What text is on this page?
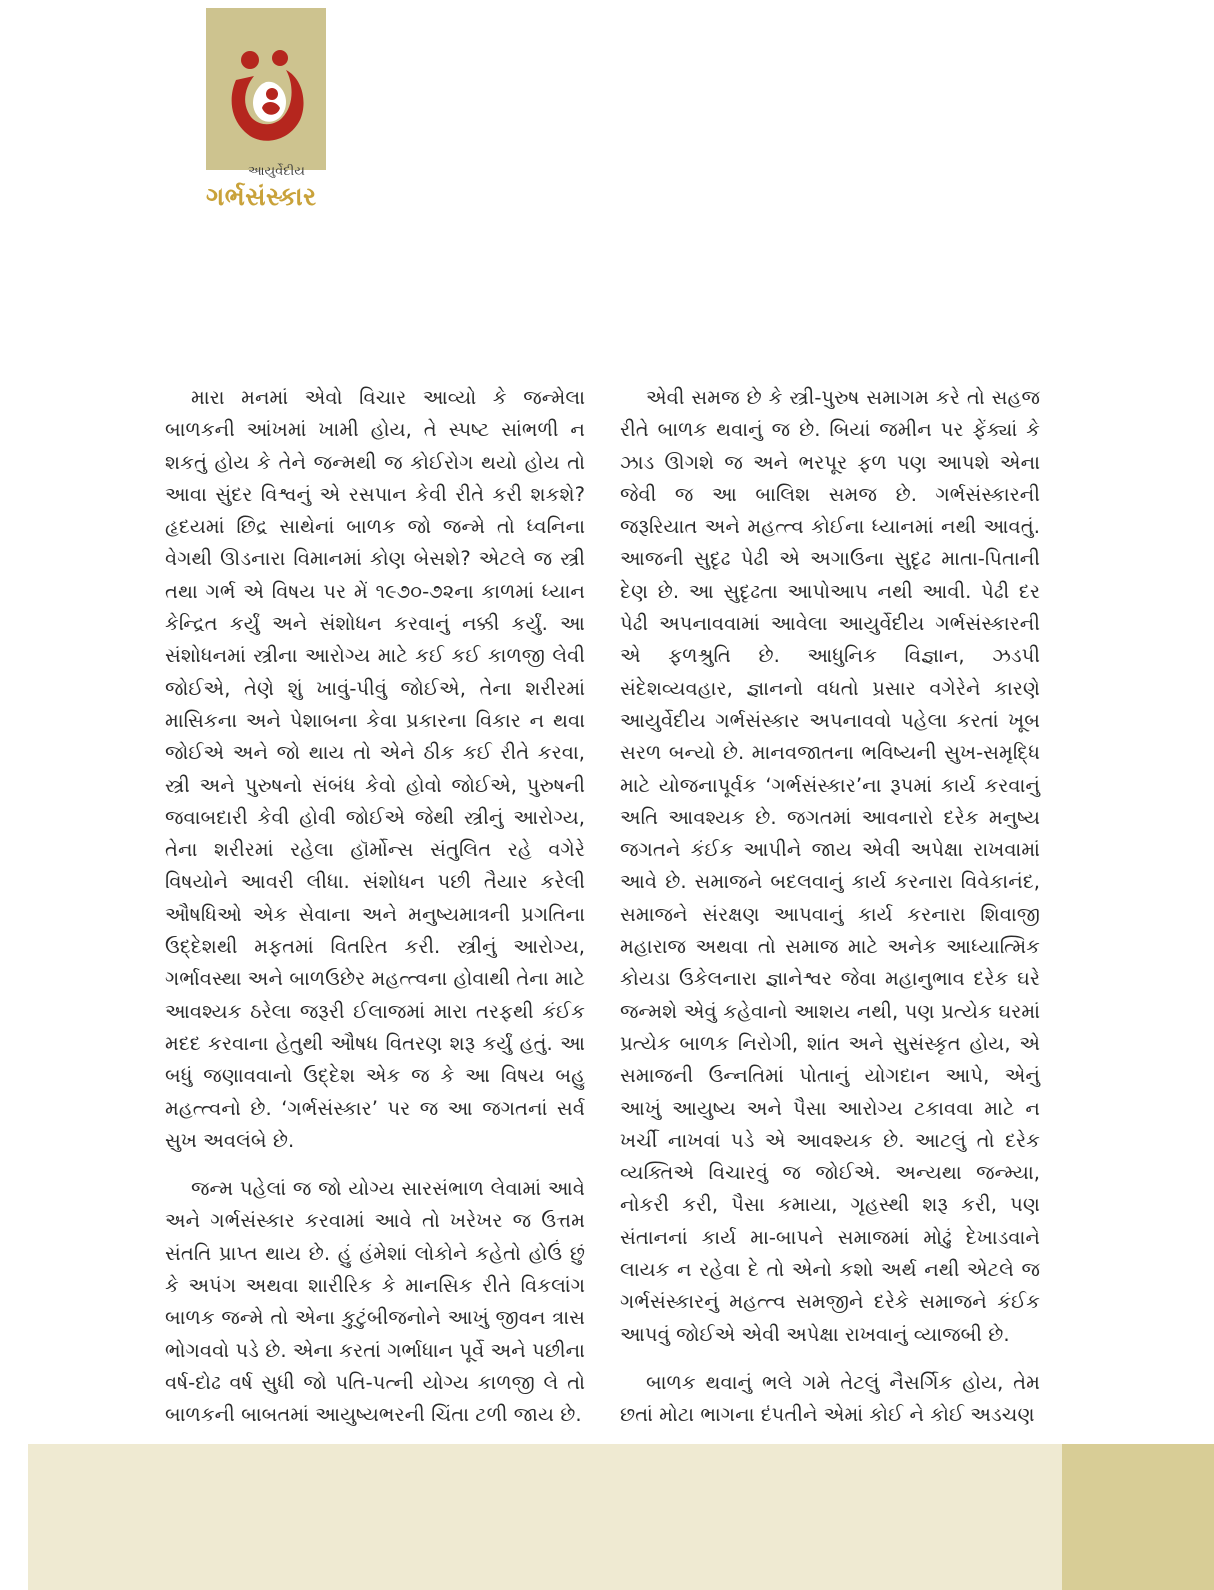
આયુર્વેદીય
ગર્ભસંસ્કાર

મારા મનમાં એવો વિચાર આવ્યો કે જન્મેલા બાળકની આંખમાં ખામી હોય, તે સ્પષ્ટ સાંભળી ન શકતું હોય કે તેને જન્મથી જ કોઈરોગ થયો હોય તો આવા સુંદર વિશ્વનું એ રસપાન કેવી રીતે કરી શકશે? હૃદયમાં છિદ્ર સાથેનાં બાળક જો જન્મે તો ધ્વનિના વેગથી ઊડનારા વિમાનમાં કોણ બેસશે? એટલે જ સ્ત્રી તથા ગર્ભ એ વિષય પર મેં ૧૯૭૦-૭૨ના કાળમાં ધ્યાન કેન્દ્રિત કર્યું અને સંશોધન કરવાનું નક્કી કર્યું. આ સંશોધનમાં સ્ત્રીના આરોગ્ય માટે કઈ કઈ કાળજી લેવી જોઈએ, તેણે શું ખાવું-પીવું જોઈએ, તેના શરીરમાં માસિકના અને પેશાબના કેવા પ્રકારના વિકાર ન થવા જોઈએ અને જો થાય તો એને ઠીક કઈ રીતે કરવા, સ્ત્રી અને પુરુષનો સંબંધ કેવો હોવો જોઈએ, પુરુષની જવાબદારી કેવી હોવી જોઈએ જેથી સ્ત્રીનું આરોગ્ય, તેના શરીરમાં રહેલા હૉર્મોન્સ સંતુલિત રહે વગેરે વિષયોને આવરી લીધા. સંશોધન પછી તૈયાર કરેલી ઔષધિઓ એક સેવાના અને મનુષ્યમાત્રની પ્રગતિના ઉદ્દેશથી મફતમાં વિતરિત કરી. સ્ત્રીનું આરોગ્ય, ગર્ભાવસ્થા અને બાળઉછેર મહત્ત્વના હોવાથી તેના માટે આવશ્યક ઠરેલા જરૂરી ઈલાજમાં મારા તરફથી કંઈક મદદ કરવાના હેતુથી ઔષધ વિતરણ શરૂ કર્યું હતું. આ બધું જણાવવાનો ઉદ્દેશ એક જ કે આ વિષય બહુ મહત્ત્વનો છે. ‘ગર્ભસંસ્કાર’ પર જ આ જગતનાં સર્વ સુખ અવલંબે છે.

જન્મ પહેલાં જ જો યોગ્ય સારસંભાળ લેવામાં આવે અને ગર્ભસંસ્કાર કરવામાં આવે તો ખરેખર જ ઉત્તમ સંતતિ પ્રાપ્ત થાય છે. હું હંમેશાં લોકોને કહેતો હોઉં છું કે અપંગ અથવા શારીરિક કે માનસિક રીતે વિકલાંગ બાળક જન્મે તો એના કુટુંબીજનોને આખું જીવન ત્રાસ ભોગવવો પડે છે. એના કરતાં ગર્ભાધાન પૂર્વે અને પછીના વર્ષ-દોઢ વર્ષ સુધી જો પતિ-પત્ની યોગ્ય કાળજી લે તો બાળકની બાબતમાં આયુષ્યભરની ચિંતા ટળી જાય છે.

એવી સમજ છે કે સ્ત્રી-પુરુષ સમાગમ કરે તો સહજ રીતે બાળક થવાનું જ છે. બિયાં જમીન પર ફેંક્યાં કે ઝાડ ઊગશે જ અને ભરપૂર ફળ પણ આપશે એના જેવી જ આ બાલિશ સમજ છે. ગર્ભસંસ્કારની જરૂરિયાત અને મહત્ત્વ કોઈના ધ્યાનમાં નથી આવતું. આજની સુદૃઢ પેઢી એ અગાઉના સુદૃઢ માતા-પિતાની દેણ છે. આ સુદૃઢતા આપોઆપ નથી આવી. પેઢી દર પેઢી અપનાવવામાં આવેલા આયુર્વેદીય ગર્ભસંસ્કારની એ ફળશ્રુતિ છે. આધુનિક વિજ્ઞાન, ઝડપી સંદેશવ્યવહાર, જ્ઞાનનો વધતો પ્રસાર વગેરેને કારણે આયુર્વેદીય ગર્ભસંસ્કાર અપનાવવો પહેલા કરતાં ખૂબ સરળ બન્યો છે. માનવજાતના ભવિષ્યની સુખ-સમૃદ્ધિ માટે યોજનાપૂર્વક ‘ગર્ભસંસ્કાર’ના રૂપમાં કાર્ય કરવાનું અતિ આવશ્યક છે. જગતમાં આવનારો દરેક મનુષ્ય જગતને કંઈક આપીને જાય એવી અપેક્ષા રાખવામાં આવે છે. સમાજને બદલવાનું કાર્ય કરનારા વિવેકાનંદ, સમાજને સંરક્ષણ આપવાનું કાર્ય કરનારા શિવાજી મહારાજ અથવા તો સમાજ માટે અનેક આધ્યાત્મિક કોયડા ઉકેલનારા જ્ઞાનેશ્વર જેવા મહાનુભાવ દરેક ઘરે જન્મશે એવું કહેવાનો આશય નથી, પણ પ્રત્યેક ઘરમાં પ્રત્યેક બાળક નિરોગી, શાંત અને સુસંસ્કૃત હોય, એ સમાજની ઉન્નતિમાં પોતાનું યોગદાન આપે, એનું આખું આયુષ્ય અને પૈસા આરોગ્ય ટકાવવા માટે ન ખર્ચી નાખવાં પડે એ આવશ્યક છે. આટલું તો દરેક વ્યક્તિએ વિચારવું જ જોઈએ. અન્યથા જન્મ્યા, નોકરી કરી, પૈસા કમાયા, ગૃહસ્થી શરૂ કરી, પણ સંતાનનાં કાર્ય મા-બાપને સમાજમાં મોઢું દેખાડવાને લાયક ન રહેવા દે તો એનો કશો અર્થ નથી એટલે જ ગર્ભસંસ્કારનું મહત્ત્વ સમજીને દરેકે સમાજને કંઈક આપવું જોઈએ એવી અપેક્ષા રાખવાનું વ્યાજબી છે.

બાળક થવાનું ભલે ગમે તેટલું નૈસર્ગિક હોય, તેમ છતાં મોટા ભાગના દંપતીને એમાં કોઈ ને કોઈ અડચણ
